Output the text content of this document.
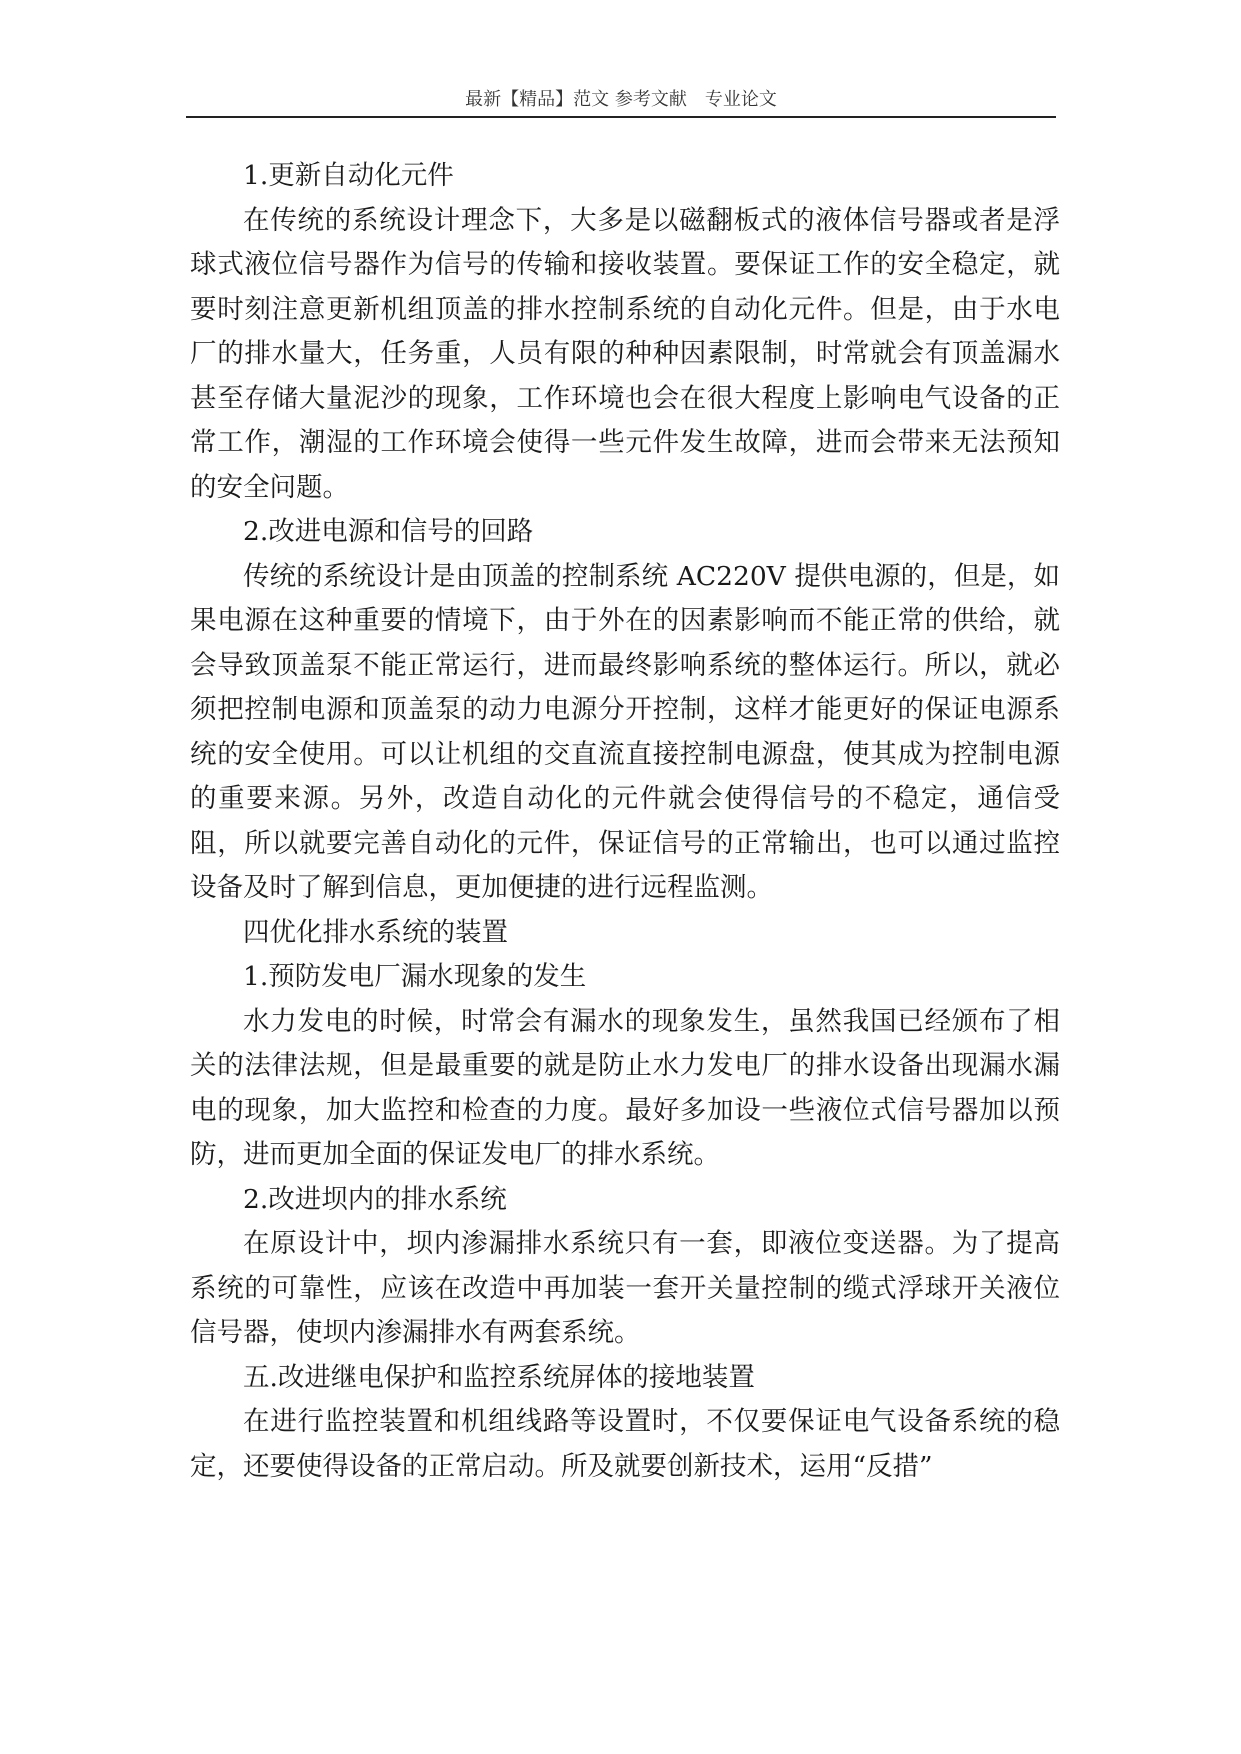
最新【精品】范文 参考文献　专业论文

1.更新自动化元件

在传统的系统设计理念下，大多是以磁翻板式的液体信号器或者是浮球式液位信号器作为信号的传输和接收装置。要保证工作的安全稳定，就要时刻注意更新机组顶盖的排水控制系统的自动化元件。但是，由于水电厂的排水量大，任务重，人员有限的种种因素限制，时常就会有顶盖漏水甚至存储大量泥沙的现象，工作环境也会在很大程度上影响电气设备的正常工作，潮湿的工作环境会使得一些元件发生故障，进而会带来无法预知的安全问题。

2.改进电源和信号的回路

传统的系统设计是由顶盖的控制系统 AC220V 提供电源的，但是，如果电源在这种重要的情境下，由于外在的因素影响而不能正常的供给，就会导致顶盖泵不能正常运行，进而最终影响系统的整体运行。所以，就必须把控制电源和顶盖泵的动力电源分开控制，这样才能更好的保证电源系统的安全使用。可以让机组的交直流直接控制电源盘，使其成为控制电源的重要来源。另外，改造自动化的元件就会使得信号的不稳定，通信受阻，所以就要完善自动化的元件，保证信号的正常输出，也可以通过监控设备及时了解到信息，更加便捷的进行远程监测。

四优化排水系统的装置

1.预防发电厂漏水现象的发生

水力发电的时候，时常会有漏水的现象发生，虽然我国已经颁布了相关的法律法规，但是最重要的就是防止水力发电厂的排水设备出现漏水漏电的现象，加大监控和检查的力度。最好多加设一些液位式信号器加以预防，进而更加全面的保证发电厂的排水系统。

2.改进坝内的排水系统

在原设计中，坝内渗漏排水系统只有一套，即液位变送器。为了提高系统的可靠性，应该在改造中再加装一套开关量控制的缆式浮球开关液位信号器，使坝内渗漏排水有两套系统。

五.改进继电保护和监控系统屏体的接地装置

在进行监控装置和机组线路等设置时，不仅要保证电气设备系统的稳定，还要使得设备的正常启动。所及就要创新技术，运用“反措”
